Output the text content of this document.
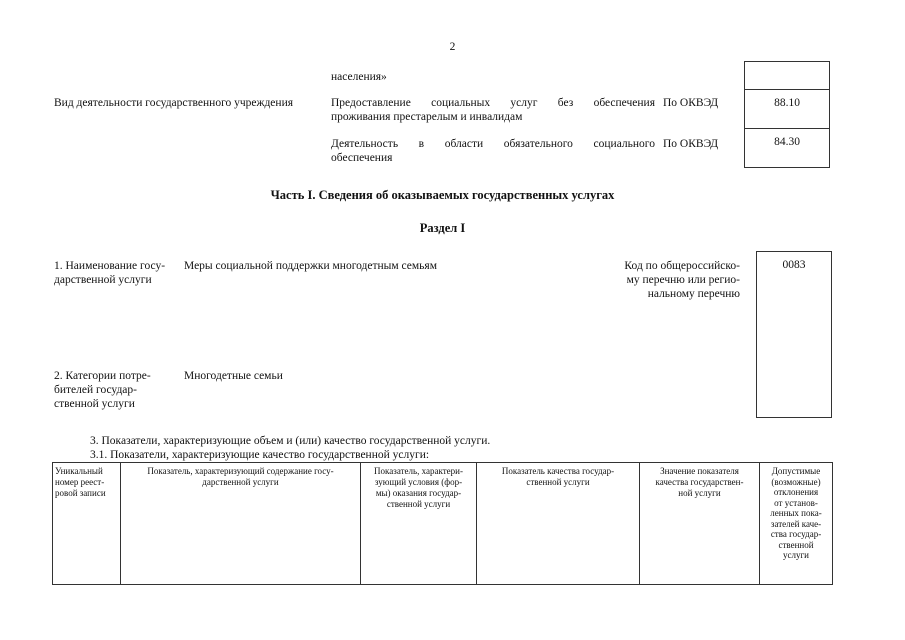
2
населения»
Вид деятельности государственного учреждения	Предоставление социальных услуг без обеспечения
проживания престарелым и инвалидам
По ОКВЭД	88.10
Деятельность в области обязательного социального
обеспечения
По ОКВЭД	84.30
Часть I. Сведения об оказываемых государственных услугах
Раздел I
1. Наименование госу-
дарственной услуги
Меры социальной поддержки многодетным семьям	Код по общероссийско-
му перечню или регио-
нальному перечню
0083
2. Категории потре-
бителей государ-
ственной услуги
Многодетные семьи
3. Показатели, характеризующие объем и (или) качество государственной услуги.
3.1. Показатели, характеризующие качество государственной услуги:
Уникальный
номер реест-
ровой записи

Показатель, характеризующий содержание госу-
дарственной услуги

Показатель, характери-
зующий условия (фор-
мы) оказания государ-
ственной услуги

Показатель качества государ-
ственной услуги

Значение показателя
качества государствен-
ной услуги

Допустимые
(возможные)
отклонения
от установ-
ленных пока-
зателей каче-
ства государ-
ственной
услуги
